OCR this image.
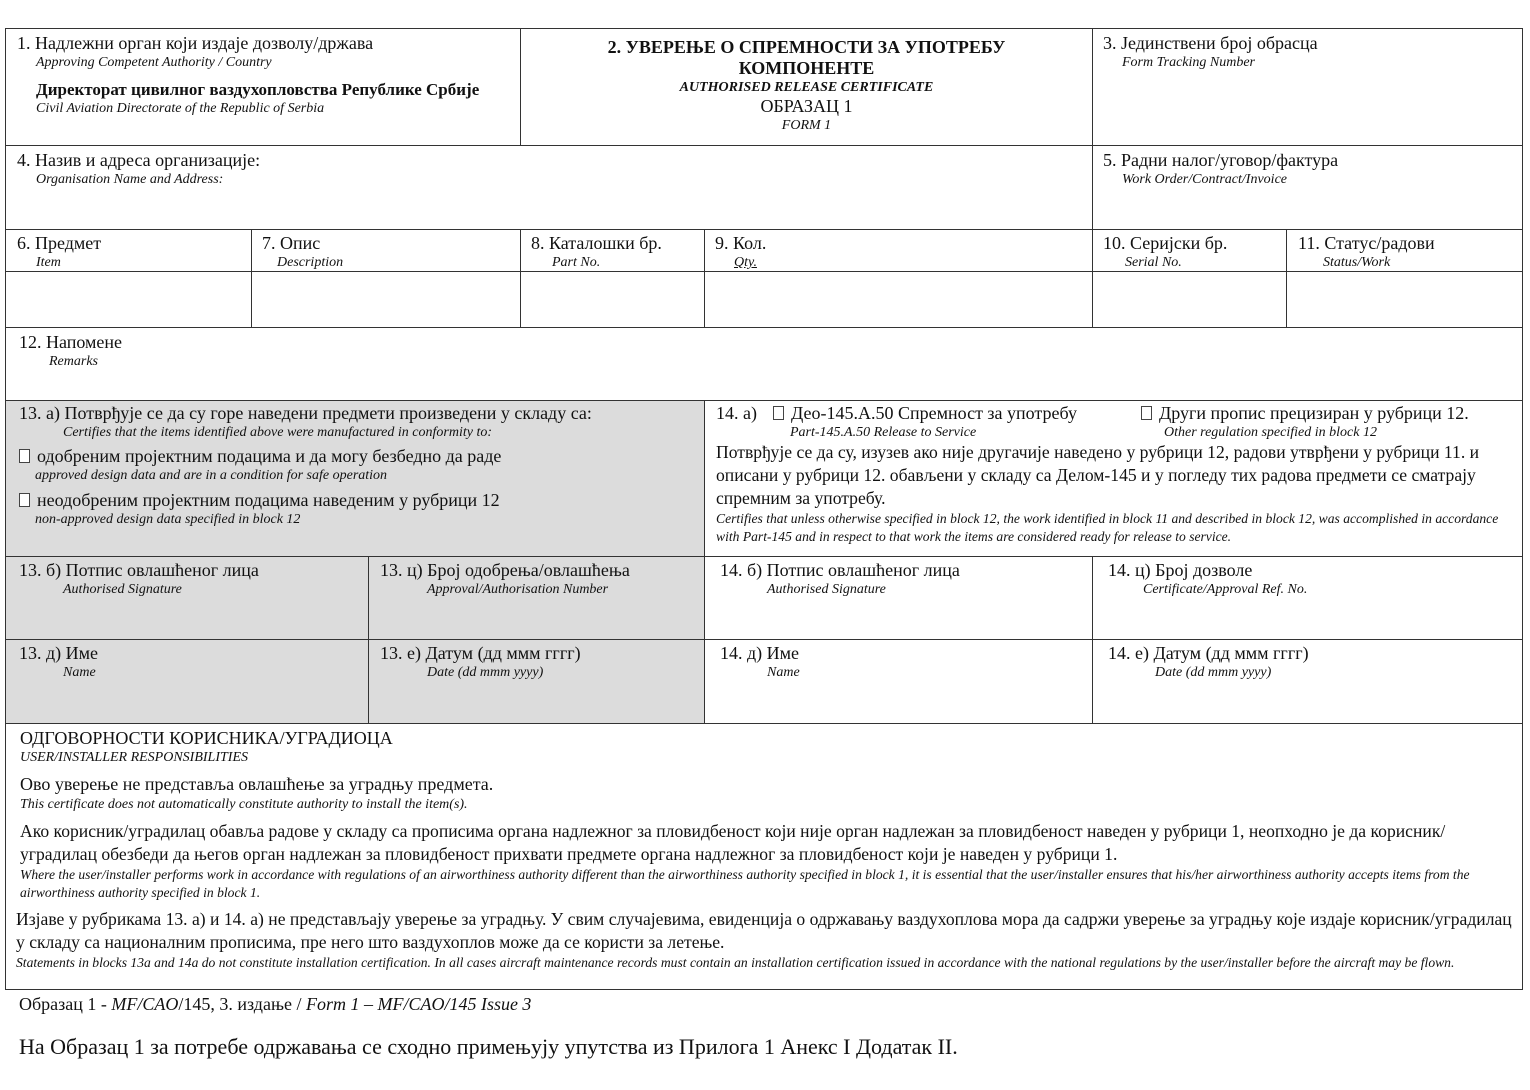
1. Надлежни орган који издаје дозволу/држава
Approving Competent Authority / Country
Директорат цивилног ваздухопловства Републике Србије
Civil Aviation Directorate of the Republic of Serbia
2. УВЕРЕЊЕ О СПРЕМНОСТИ ЗА УПОТРЕБУ
КОМПОНЕНТЕ
AUTHORISED RELEASE CERTIFICATE
ОБРАЗАЦ 1
FORM 1
3. Јединствени број обрасца
Form Tracking Number
4. Назив и адреса организације:
Organisation Name and Address:
5. Радни налог/уговор/фактура
Work Order/Contract/Invoice
6. Предмет
Item
7. Опис
Description
8. Каталошки бр.
Part No.
9. Кол.
Qty.
10. Серијски бр.
Serial No.
11. Статус/радови
Status/Work
12. Напомене
Remarks
13. а) Потврђује се да су горе наведени предмети произведени у складу са:
Certifies that the items identified above were manufactured in conformity to:
одобреним пројектним подацима и да могу безбедно да раде
approved design data and are in a condition for safe operation
неодобреним пројектним подацима наведеним у рубрици 12
non-approved design data specified in block 12
14. а)	Део-145.А.50 Спремност за употребу	Други пропис прецизиран у рубрици 12.
Part-145.A.50 Release to Service	Other regulation specified in block 12
Потврђује се да су, изузев ако није другачије наведено у рубрици 12, радови утврђени у рубрици 11. и описани у рубрици 12. обављени у складу са Делом-145 и у погледу тих радова предмети се сматрају спремним за употребу.
Certifies that unless otherwise specified in block 12, the work identified in block 11 and described in block 12, was accomplished in accordance with Part-145 and in respect to that work the items are considered ready for release to service.
13. б) Потпис овлашћеног лица
Authorised Signature
13. ц) Број одобрења/овлашћења
Approval/Authorisation Number
14. б) Потпис овлашћеног лица
Authorised Signature
14. ц) Број дозволе
Certificate/Approval Ref. No.
13. д) Име
Name
13. е) Датум (дд ммм гггг)
Date (dd mmm yyyy)
14. д) Име
Name
14. е) Датум (дд ммм гггг)
Date (dd mmm yyyy)
ОДГОВОРНОСТИ КОРИСНИКА/УГРАДИОЦА
USER/INSTALLER RESPONSIBILITIES
Ово уверење не представља овлашћење за уградњу предмета.
This certificate does not automatically constitute authority to install the item(s).
Ако корисник/уградилац обавља радове у складу са прописима органа надлежног за пловидбеност који није орган надлежан за пловидбеност наведен у рубрици 1, неопходно је да корисник/уградилац обезбеди да његов орган надлежан за пловидбеност прихвати предмете органа надлежног за пловидбеност који је наведен у рубрици 1.
Where the user/installer performs work in accordance with regulations of an airworthiness authority different than the airworthiness authority specified in block 1, it is essential that the user/installer ensures that his/her airworthiness authority accepts items from the airworthiness authority specified in block 1.
Изјаве у рубрикама 13. а) и 14. а) не представљају уверење за уградњу. У свим случајевима, евиденција о одржавању ваздухоплова мора да садржи уверење за уградњу које издаје корисник/уградилац у складу са националним прописима, пре него што ваздухоплов може да се користи за летење.
Statements in blocks 13a and 14a do not constitute installation certification. In all cases aircraft maintenance records must contain an installation certification issued in accordance with the national regulations by the user/installer before the aircraft may be flown.
Образац 1 - MF/CAO/145, 3. издање / Form 1 – MF/CAO/145 Issue 3
На Образац 1 за потребе одржавања се сходно примењују упутства из Прилога 1 Анекс I Додатак II.
